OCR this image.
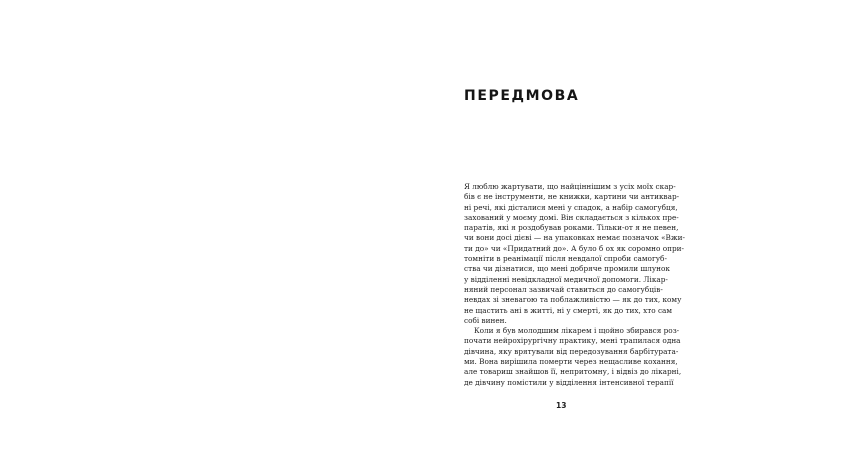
ПЕРЕДМОВА

Я люблю жартувати, що найціннішим з усіх моїх скар-
бів є не інструменти, не книжки, картини чи антиквар-
ні речі, які дісталися мені у спадок, а набір самогубця,
захований у моєму домі. Він складається з кількох пре-
паратів, які я роздобував роками. Тільки-от я не певен,
чи вони досі дієві — на упаковках немає позначок «Вжи-
ти до» чи «Придатний до». А було б ох як соромно опри-
томніти в реанімації після невдалої спроби самогуб-
ства чи дізнатися, що мені добряче промили шлунок
у відділенні невідкладної медичної допомоги. Лікар-
няний персонал зазвичай ставиться до самогубців-
невдах зі зневагою та поблажливістю — як до тих, кому
не щастить ані в житті, ні у смерті, як до тих, хто сам
собі винен.

Коли я був молодшим лікарем і щойно збирався роз-
почати нейрохірургічну практику, мені трапилася одна
дівчина, яку врятували від передозування барбітурата-
ми. Вона вирішила померти через нещасливе кохання,
але товариш знайшов її, непритомну, і відвіз до лікарні,
де дівчину помістили у відділення інтенсивної терапії

13
